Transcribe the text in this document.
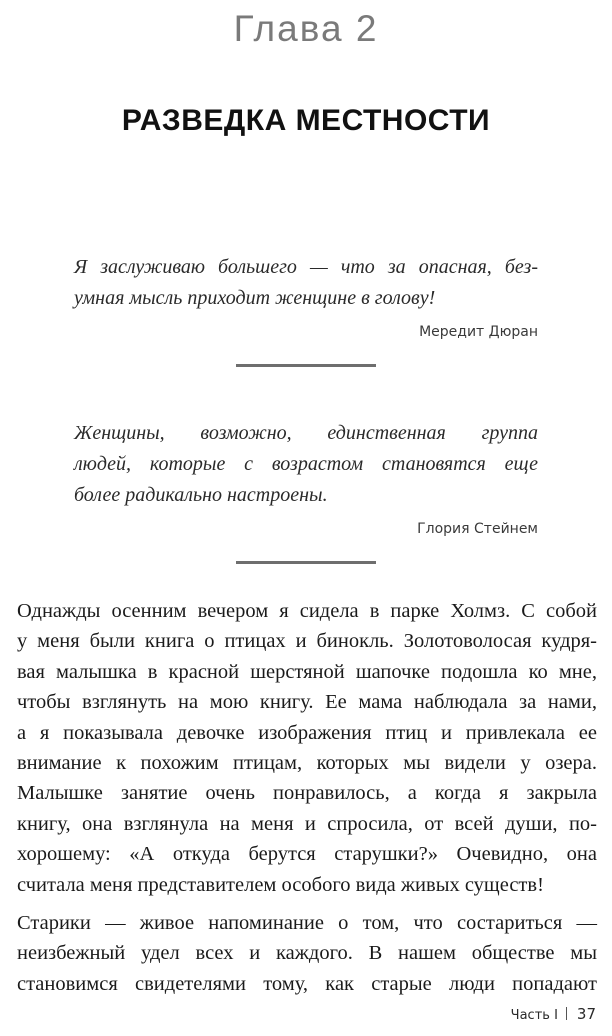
Глава 2
РАЗВЕДКА МЕСТНОСТИ

Я заслуживаю большего — что за опасная, без-
умная мысль приходит женщине в голову!

Мередит Дюран

Женщины, возможно, единственная группа
людей, которые с возрастом становятся еще
более радикально настроены.

Глория Стейнем

Однажды осенним вечером я сидела в парке Холмз. С собой
у меня были книга о птицах и бинокль. Золотоволосая кудря-
вая малышка в красной шерстяной шапочке подошла ко мне,
чтобы взглянуть на мою книгу. Ее мама наблюдала за нами,
а я показывала девочке изображения птиц и привлекала ее
внимание к похожим птицам, которых мы видели у озера.
Малышке занятие очень понравилось, а когда я закрыла
книгу, она взглянула на меня и спросила, от всей души, по-
хорошему: «А откуда берутся старушки?» Очевидно, она
считала меня представителем особого вида живых существ!

Старики — живое напоминание о том, что состариться —
неизбежный удел всех и каждого. В нашем обществе мы
становимся свидетелями тому, как старые люди попадают

Часть I 37
